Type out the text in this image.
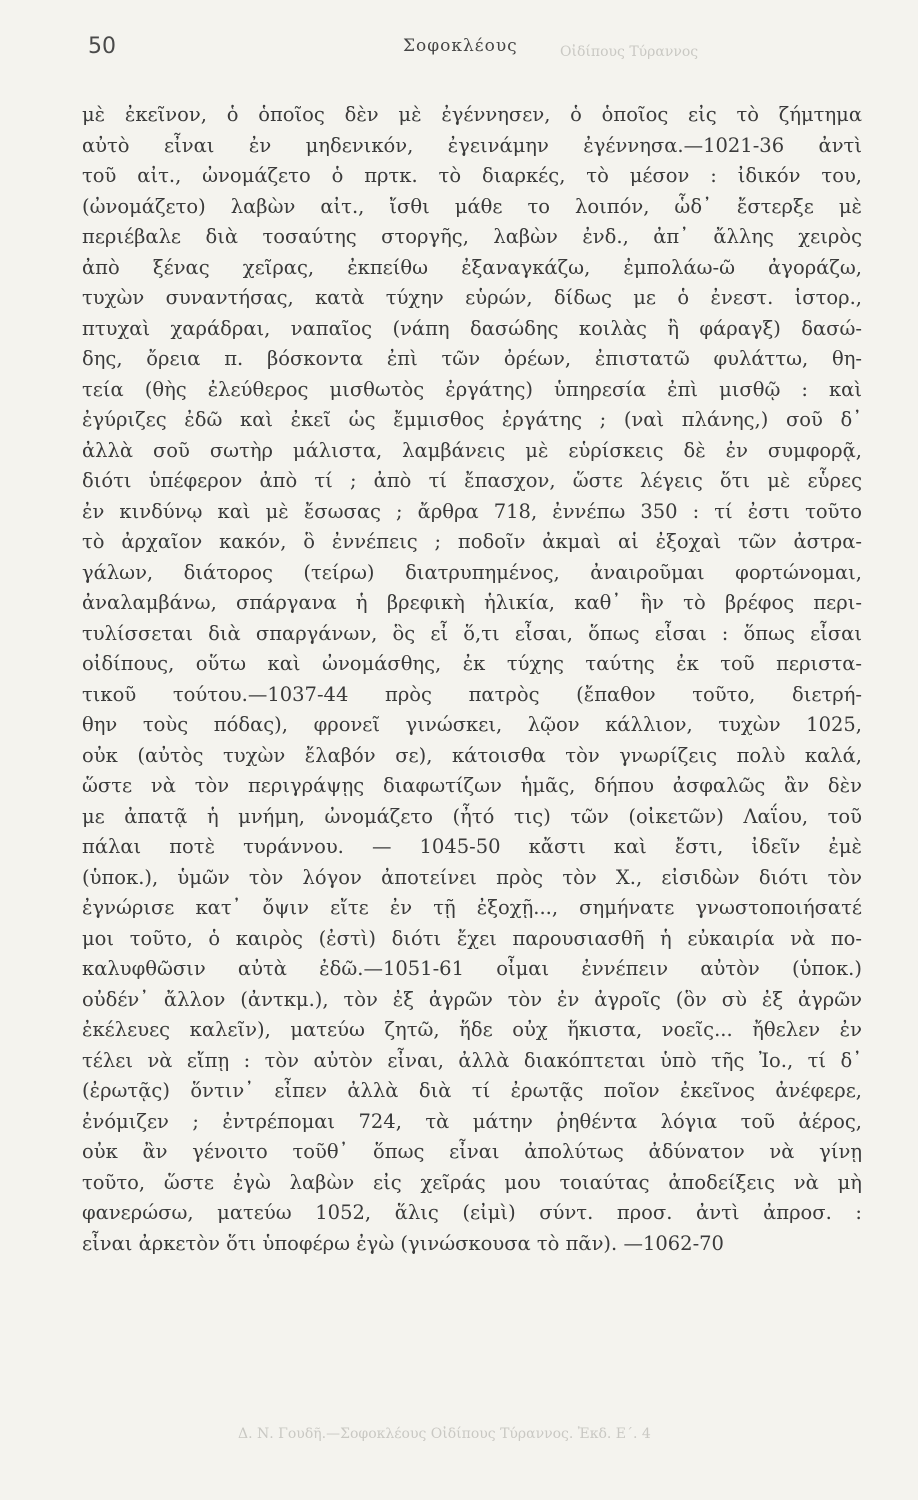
50	Σοφοκλέους	Οἰδίπους Τύραννος
μὲ ἐκεῖνον, ὁ ὁποῖος δὲν μὲ ἐγέννησεν, ὁ ὁποῖος εἰς τὸ ζήμτημα
αὐτὸ εἶναι ἐν μηδενικόν, ἐγεινάμην ἐγέννησα.—1021-36 ἀντὶ
τοῦ αἰτ., ὠνομάζετο ὁ πρτκ. τὸ διαρκές, τὸ μέσον : ἰδικόν του,
(ὠνομάζετο) λαβὼν αἰτ., ἴσθι μάθε το λοιπόν, ὧδ᾽ ἔστερξε μὲ
περιέβαλε διὰ τοσαύτης στοργῆς, λαβὼν ἐνδ., ἀπ᾽ ἄλλης χειρὸς
ἀπὸ ξένας χεῖρας, ἐκπείθω ἐξαναγκάζω, ἐμπολάω-ῶ ἀγοράζω,
τυχὼν συναντήσας, κατὰ τύχην εὑρών, δίδως με ὁ ἐνεστ. ἱστορ.,
πτυχαὶ χαράδραι, ναπαῖος (νάπη δασώδης κοιλὰς ἢ φάραγξ) δασώ-
δης, ὄρεια π. βόσκοντα ἐπὶ τῶν ὀρέων, ἐπιστατῶ φυλάττω, θη-
τεία (θὴς ἐλεύθερος μισθωτὸς ἐργάτης) ὑπηρεσία ἐπὶ μισθῷ : καὶ
ἐγύριζες ἐδῶ καὶ ἐκεῖ ὡς ἔμμισθος ἐργάτης ; (ναὶ πλάνης,) σοῦ δ᾽
ἀλλὰ σοῦ σωτὴρ μάλιστα, λαμβάνεις μὲ εὑρίσκεις δὲ ἐν συμφορᾷ,
διότι ὑπέφερον ἀπὸ τί ; ἀπὸ τί ἔπασχον, ὥστε λέγεις ὅτι μὲ εὗρες
ἐν κινδύνῳ καὶ μὲ ἔσωσας ; ἄρθρα 718, ἐννέπω 350 : τί ἐστι τοῦτο
τὸ ἀρχαῖον κακόν, ὃ ἐννέπεις ; ποδοῖν ἀκμαὶ αἱ ἐξοχαὶ τῶν ἀστρα-
γάλων, διάτορος (τείρω) διατρυπημένος, ἀναιροῦμαι φορτώνομαι,
ἀναλαμβάνω, σπάργανα ἡ βρεφικὴ ἡλικία, καθ᾽ ἣν τὸ βρέφος περι-
τυλίσσεται διὰ σπαργάνων, ὃς εἶ ὅ,τι εἶσαι, ὅπως εἶσαι : ὅπως εἶσαι
οἰδίπους, οὕτω καὶ ὠνομάσθης, ἐκ τύχης ταύτης ἐκ τοῦ περιστα-
τικοῦ τούτου.—1037-44 πρὸς πατρὸς (ἔπαθον τοῦτο, διετρή-
θην τοὺς πόδας), φρονεῖ γινώσκει, λῷον κάλλιον, τυχὼν 1025,
οὐκ (αὐτὸς τυχὼν ἔλαβόν σε), κάτοισθα τὸν γνωρίζεις πολὺ καλά,
ὥστε νὰ τὸν περιγράψῃς διαφωτίζων ἡμᾶς, δήπου ἀσφαλῶς ἂν δὲν
με ἀπατᾷ ἡ μνήμη, ὠνομάζετο (ἦτό τις) τῶν (οἰκετῶν) Λαΐου, τοῦ
πάλαι ποτὲ τυράννου. — 1045-50 κἄστι καὶ ἔστι, ἰδεῖν ἐμὲ
(ὑποκ.), ὑμῶν τὸν λόγον ἀποτείνει πρὸς τὸν Χ., εἰσιδὼν διότι τὸν
ἐγνώρισε κατ᾽ ὄψιν εἴτε ἐν τῇ ἐξοχῇ..., σημήνατε γνωστοποιήσατέ
μοι τοῦτο, ὁ καιρὸς (ἐστὶ) διότι ἔχει παρουσιασθῆ ἡ εὐκαιρία νὰ πο-
καλυφθῶσιν αὐτὰ ἐδῶ.—1051-61 οἶμαι ἐννέπειν αὐτὸν (ὑποκ.)
οὐδέν᾽ ἄλλον (ἀντκμ.), τὸν ἐξ ἀγρῶν τὸν ἐν ἀγροῖς (ὃν σὺ ἐξ ἀγρῶν
ἐκέλευες καλεῖν), ματεύω ζητῶ, ἥδε οὐχ ἥκιστα, νοεῖς... ἤθελεν ἐν
τέλει νὰ εἴπῃ : τὸν αὐτὸν εἶναι, ἀλλὰ διακόπτεται ὑπὸ τῆς Ἰο., τί δ᾽
(ἐρωτᾷς) ὅντιν᾽ εἶπεν ἀλλὰ διὰ τί ἐρωτᾷς ποῖον ἐκεῖνος ἀνέφερε,
ἐνόμιζεν ; ἐντρέπομαι 724, τὰ μάτην ῥηθέντα λόγια τοῦ ἀέρος,
οὐκ ἂν γένοιτο τοῦθ᾽ ὅπως εἶναι ἀπολύτως ἀδύνατον νὰ γίνῃ
τοῦτο, ὥστε ἐγὼ λαβὼν εἰς χεῖράς μου τοιαύτας ἀποδείξεις νὰ μὴ
φανερώσω, ματεύω 1052, ἅλις (εἰμὶ) σύντ. προσ. ἀντὶ ἀπροσ. :
εἶναι ἀρκετὸν ὅτι ὑποφέρω ἐγὼ (γινώσκουσα τὸ πᾶν). —1062-70
Δ. Ν. Γουδῆ.—Σοφοκλέους Οἰδίπους Τύραννος. Ἐκδ. Ε΄. 4
